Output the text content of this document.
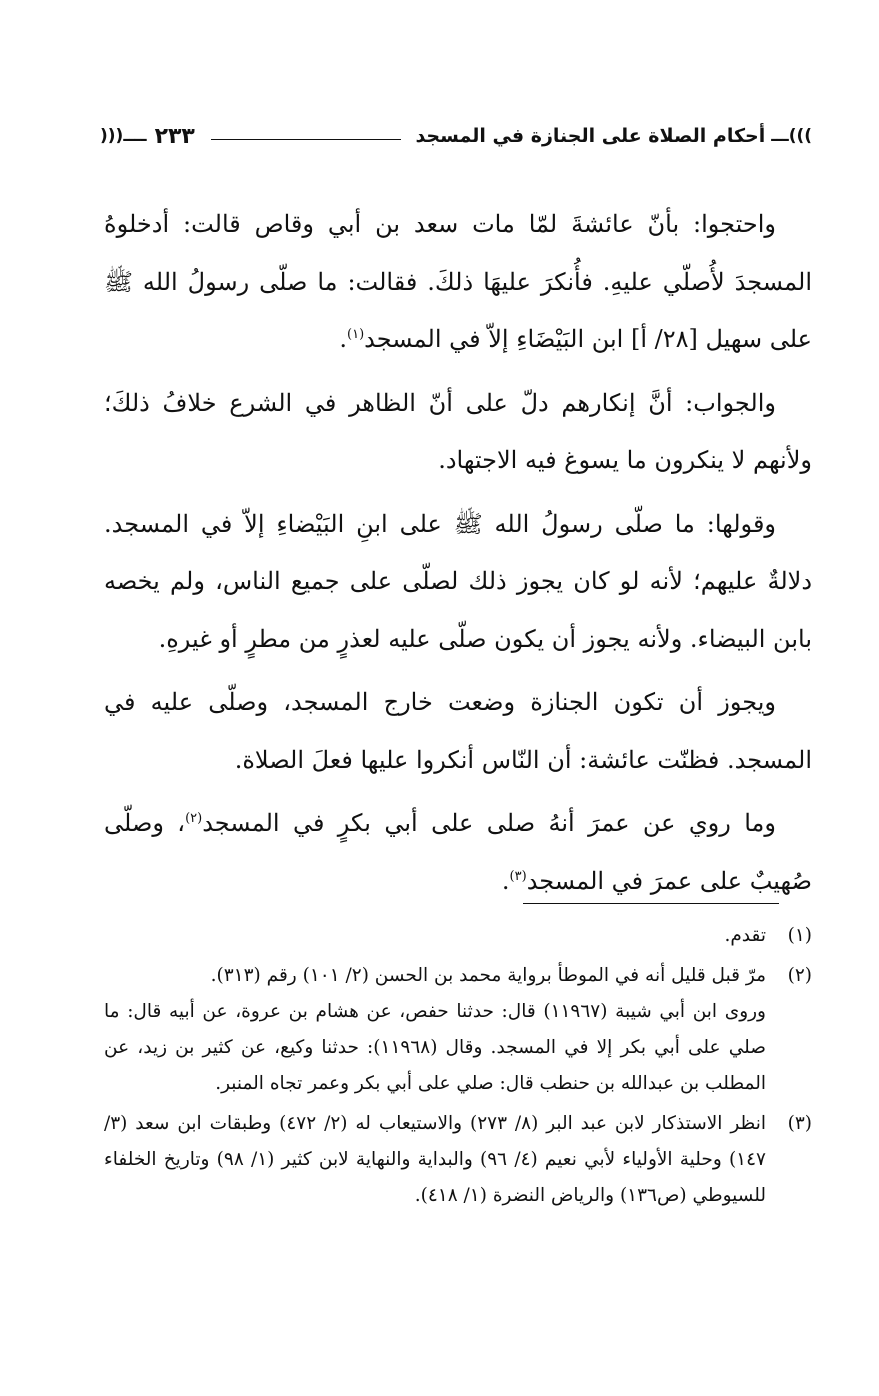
ـــ(((
أحكام الصلاة على الجنازة في المسجد
٢٣٣
)))ــــ

واحتجوا: بأنّ عائشةَ لمّا مات سعد بن أبي وقاص قالت: أدخلوهُ المسجدَ لأُصلّي عليهِ. فأُنكرَ عليهَا ذلكَ. فقالت: ما صلّى رسولُ الله ﷺ على سهيل [٢٨/ أ] ابن البَيْضَاءِ إلاّ في المسجد$^{(١)}$.

والجواب: أنَّ إنكارهم دلّ على أنّ الظاهر في الشرع خلافُ ذلكَ؛ ولأنهم لا ينكرون ما يسوغ فيه الاجتهاد.

وقولها: ما صلّى رسولُ الله ﷺ على ابنِ البَيْضاءِ إلاّ في المسجد. دلالةٌ عليهم؛ لأنه لو كان يجوز ذلك لصلّى على جميع الناس، ولم يخصه بابن البيضاء. ولأنه يجوز أن يكون صلّى عليه لعذرٍ من مطرٍ أو غيرهِ.

ويجوز أن تكون الجنازة وضعت خارج المسجد، وصلّى عليه في المسجد. فظنّت عائشة: أن النّاس أنكروا عليها فعلَ الصلاة.

وما روي عن عمرَ أنهُ صلى على أبي بكرٍ في المسجد$^{(٢)}$، وصلّى صُهيبٌ على عمرَ في المسجد$^{(٣)}$.

(١)

تقدم.

(٢)

مرّ قبل قليل أنه في الموطأ برواية محمد بن الحسن (٢/ ١٠١) رقم (٣١٣).

وروى ابن أبي شيبة (١١٩٦٧) قال: حدثنا حفص، عن هشام بن عروة، عن أبيه قال: ما صلي على أبي بكر إلا في المسجد. وقال (١١٩٦٨): حدثنا وكيع، عن كثير بن زيد، عن المطلب بن عبدالله بن حنطب قال: صلي على أبي بكر وعمر تجاه المنبر.

(٣)

انظر الاستذكار لابن عبد البر (٨/ ٢٧٣) والاستيعاب له (٢/ ٤٧٢) وطبقات ابن سعد (٣/ ١٤٧) وحلية الأولياء لأبي نعيم (٤/ ٩٦) والبداية والنهاية لابن كثير (١/ ٩٨) وتاريخ الخلفاء للسيوطي (ص١٣٦) والرياض النضرة (١/ ٤١٨).
